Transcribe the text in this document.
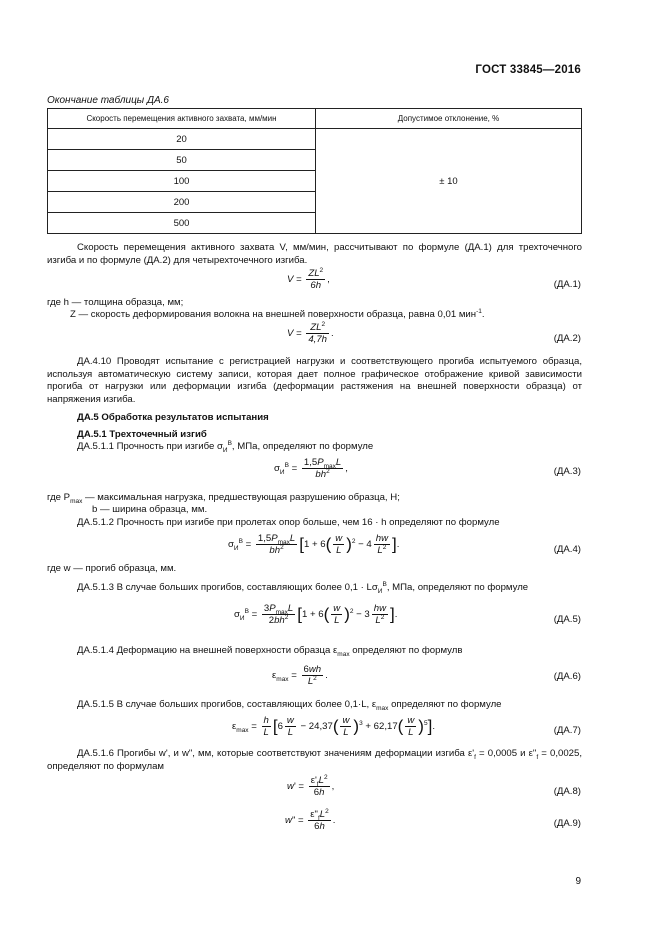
ГОСТ 33845—2016
Окончание таблицы ДА.6
Скорость перемещения активного захвата, мм/мин	Допустимое отклонение, %
20	± 10
50	
100	
200	
500	
Скорость перемещения активного захвата V, мм/мин, рассчитывают по формуле (ДА.1) для трехточечного изгиба и по формуле (ДА.2) для четырехточечного изгиба.
$V = \frac{ZL^2}{6h}$ ,	(ДА.1)
где h — толщина образца, мм;
Z — скорость деформирования волокна на внешней поверхности образца, равна 0,01 мин$^{-1}$.
$V = \frac{ZL^2}{4,7h}$ .	(ДА.2)
ДА.4.10 Проводят испытание с регистрацией нагрузки и соответствующего прогиба испытуемого образца, используя автоматическую систему записи, которая дает полное графическое отображение кривой зависимости прогиба от нагрузки или деформации изгиба (деформации растяжения на внешней поверхности образца) от напряжения изгиба.
ДА.5 Обработка результатов испытания
ДА.5.1 Трехточечный изгиб
ДА.5.1.1 Прочность при изгибе $\sigma_И^В$, МПа, определяют по формуле
$\sigma_И^В = \frac{1,5P_{max}L}{bh^2}$ ,	(ДА.3)
где $P_{max}$ — максимальная нагрузка, предшествующая разрушению образца, Н;
b — ширина образца, мм.
ДА.5.1.2 Прочность при изгибе при пролетах опор больше, чем 16 · h определяют по формуле
$\sigma_И^В = \frac{1,5P_{max}L}{bh^2} [1 + 6( \frac{w}{L} )^2 - 4 \frac{hw}{L^2}$ ].	(ДА.4)
где w — прогиб образца, мм.
ДА.5.1.3 В случае больших прогибов, составляющих более $0,1 \cdot L\sigma_И^В$, МПа, определяют по формуле
$\sigma_И^В = \frac{3P_{max}L}{2bh^2} [1 + 6( \frac{w}{L} )^2 - 3 \frac{hw}{L^2}$ ].	(ДА.5)
ДА.5.1.4 Деформацию на внешней поверхности образца $\varepsilon_{max}$ определяют по формулв
$\varepsilon_{max} = \frac{6wh}{L^2}$ .	(ДА.6)
ДА.5.1.5 В случае больших прогибов, составляющих более 0,1·L, $\varepsilon_{max}$ определяют по формуле
$\varepsilon_{max} = \frac{h}{L} [6 \frac{w}{L} - 24,37( \frac{w}{L} )^3 + 62,17( \frac{w}{L} )^5]$.	(ДА.7)
ДА.5.1.6 Прогибы w', и w", мм, которые соответствуют значениям деформации изгиба $\varepsilon'_f = 0,0005$ и $\varepsilon"_f = 0,0025$, определяют по формулам
$w' = \frac{\varepsilon'_fL^2}{6h}$ ,	(ДА.8)
w" = $\frac{\varepsilon"_fL^2}{6h}$ .	(ДА.9)
9
